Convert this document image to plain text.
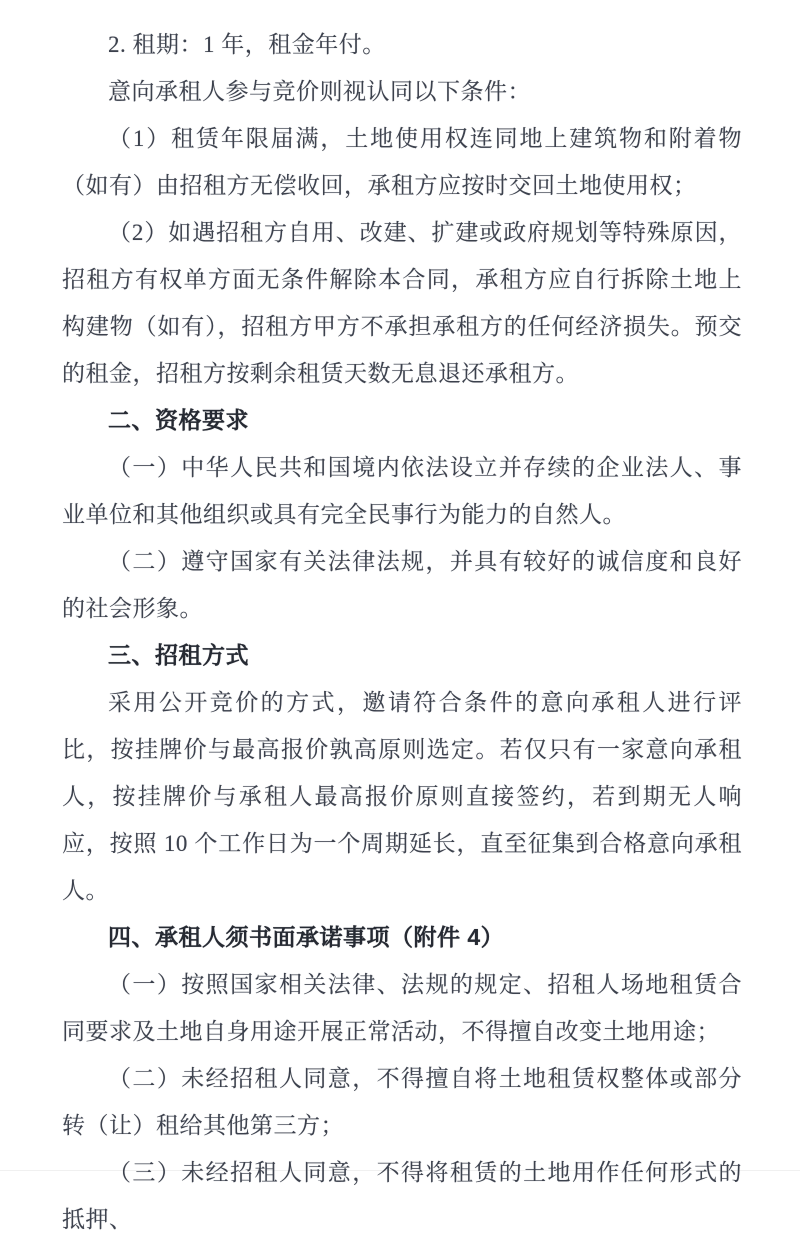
2. 租期：1 年，租金年付。

意向承租人参与竞价则视认同以下条件：

（1）租赁年限届满，土地使用权连同地上建筑物和附着物（如有）由招租方无偿收回，承租方应按时交回土地使用权；

（2）如遇招租方自用、改建、扩建或政府规划等特殊原因，招租方有权单方面无条件解除本合同，承租方应自行拆除土地上构建物（如有），招租方甲方不承担承租方的任何经济损失。预交的租金，招租方按剩余租赁天数无息退还承租方。

二、资格要求

（一）中华人民共和国境内依法设立并存续的企业法人、事业单位和其他组织或具有完全民事行为能力的自然人。

（二）遵守国家有关法律法规，并具有较好的诚信度和良好的社会形象。

三、招租方式

采用公开竞价的方式，邀请符合条件的意向承租人进行评比，按挂牌价与最高报价孰高原则选定。若仅只有一家意向承租人，按挂牌价与承租人最高报价原则直接签约，若到期无人响应，按照 10 个工作日为一个周期延长，直至征集到合格意向承租人。

四、承租人须书面承诺事项（附件 4）

（一）按照国家相关法律、法规的规定、招租人场地租赁合同要求及土地自身用途开展正常活动，不得擅自改变土地用途；

（二）未经招租人同意，不得擅自将土地租赁权整体或部分转（让）租给其他第三方；

（三）未经招租人同意，不得将租赁的土地用作任何形式的抵押、
